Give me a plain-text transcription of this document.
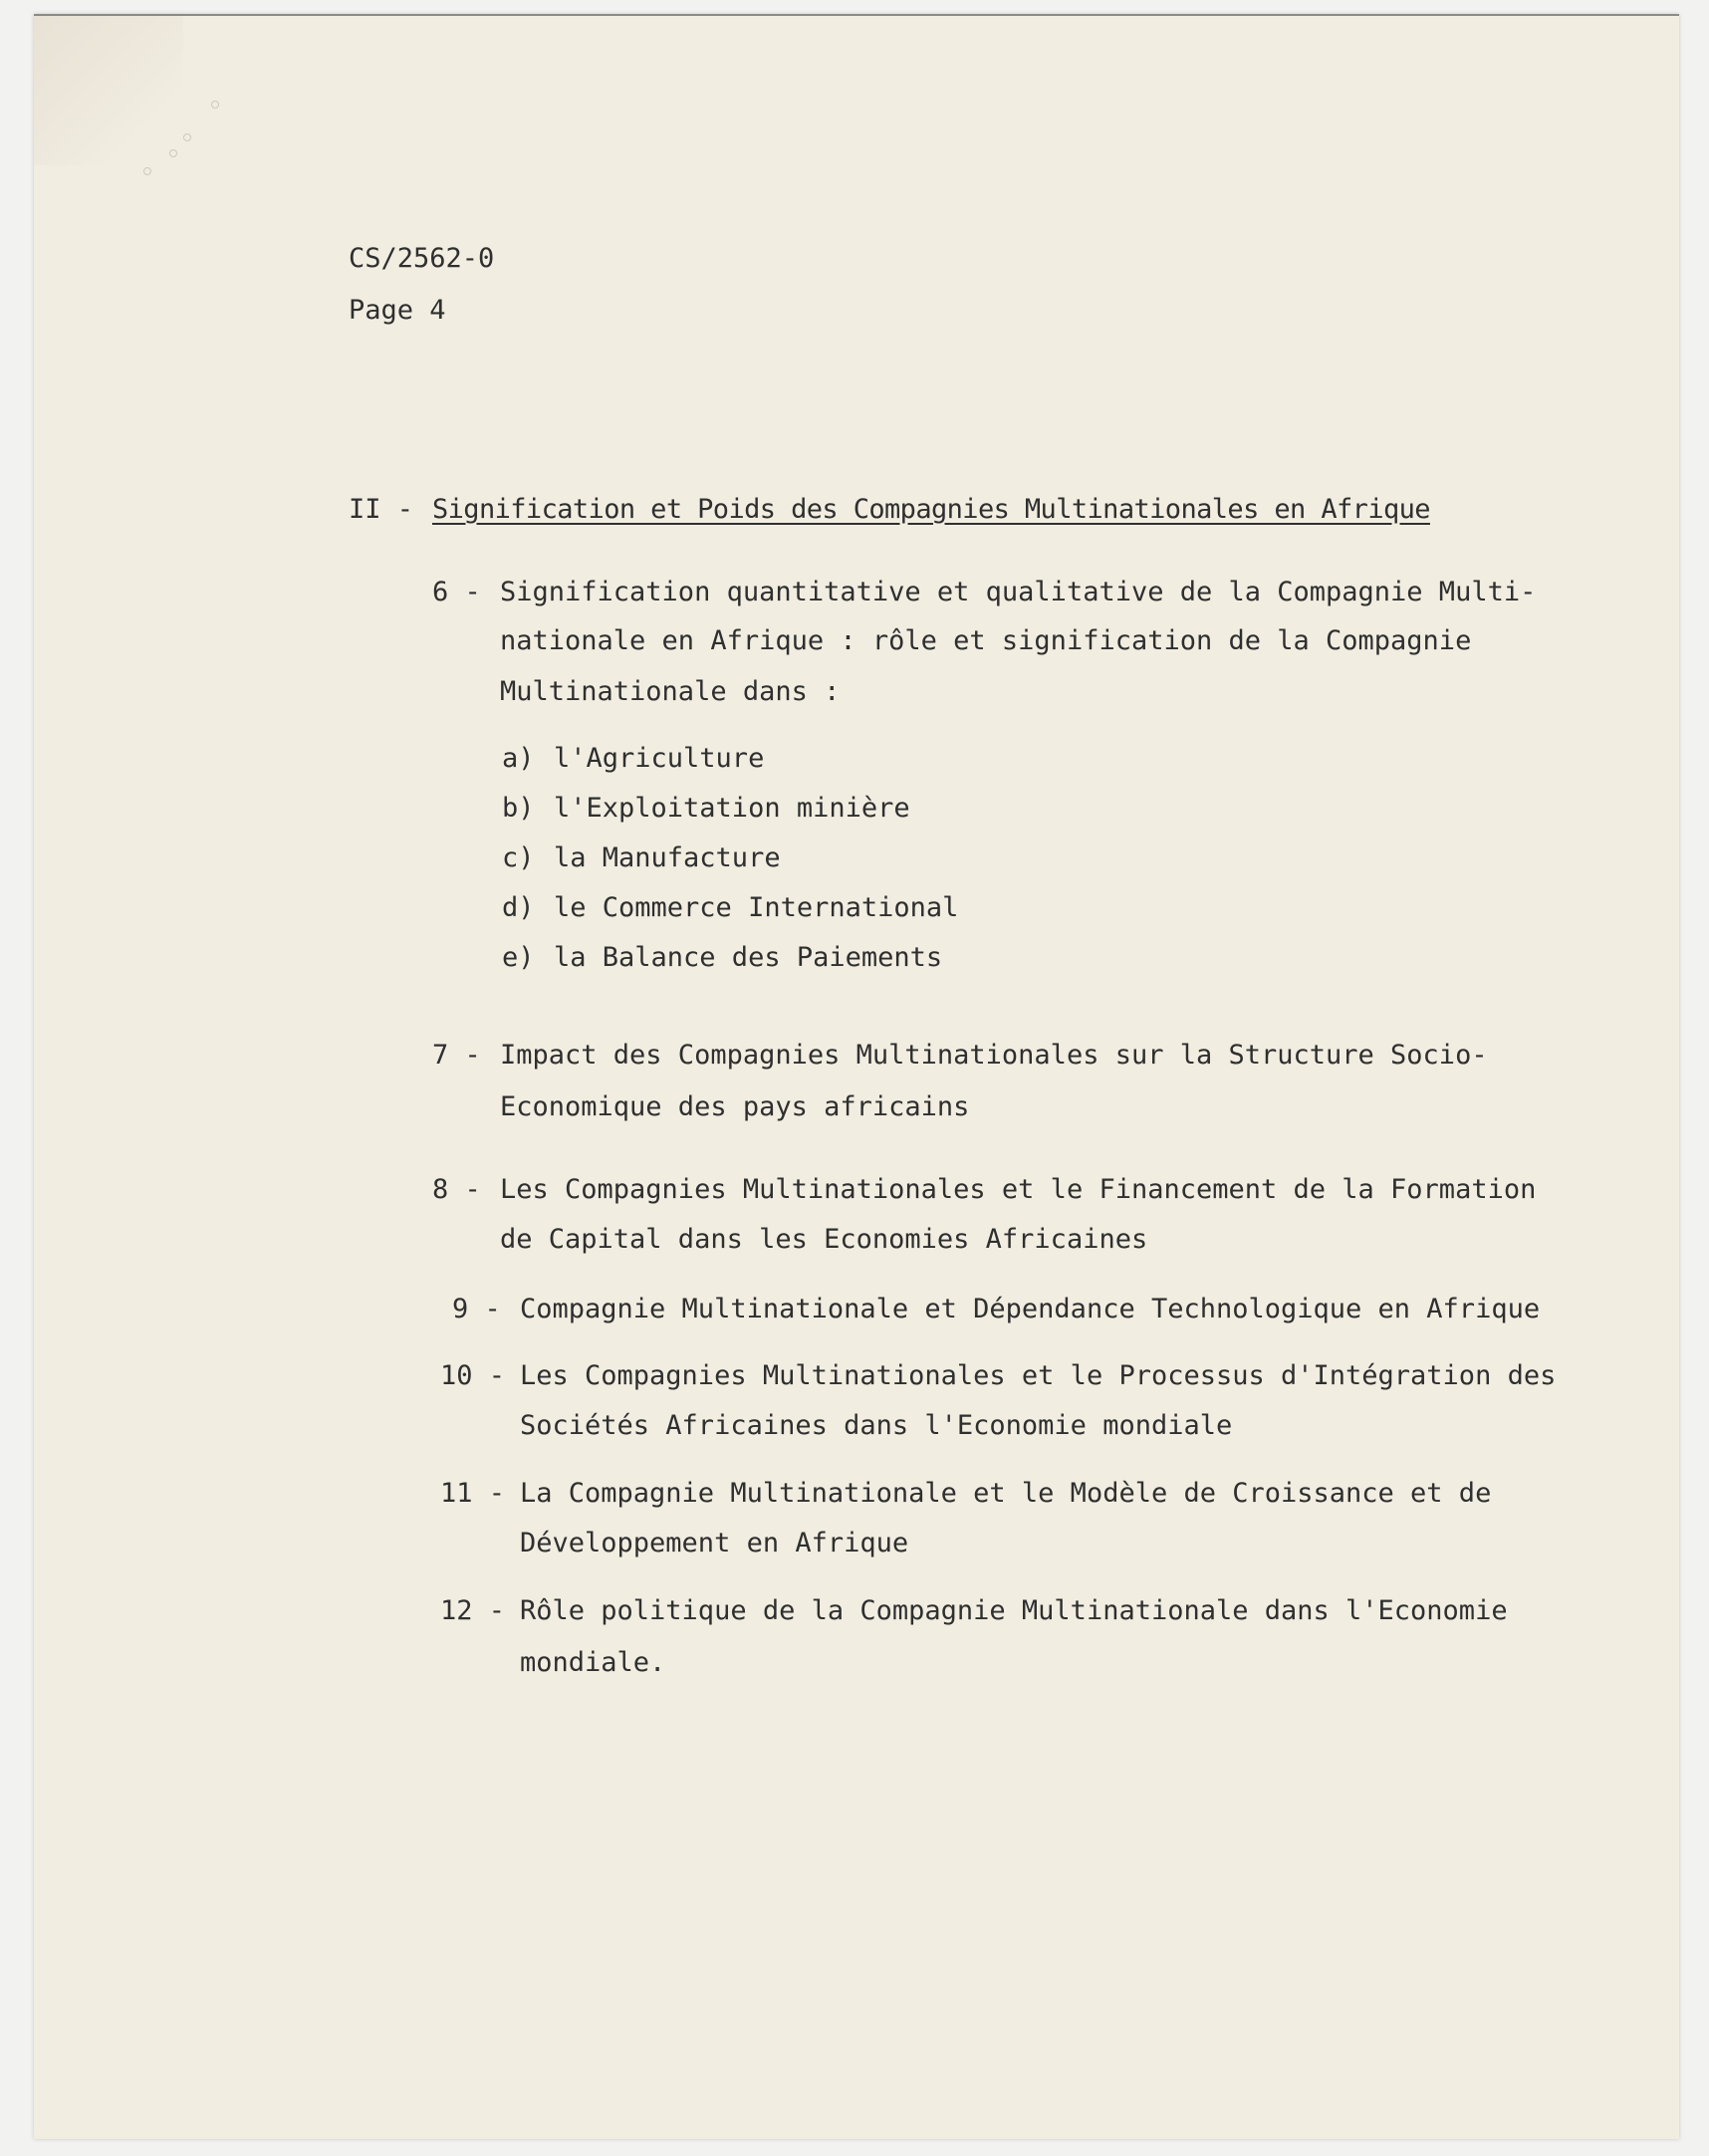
CS/2562-0
Page 4
II - Signification et Poids des Compagnies Multinationales en Afrique
6 - Signification quantitative et qualitative de la Compagnie Multi-
nationale en Afrique : rôle et signification de la Compagnie
Multinationale dans :
a) l'Agriculture
b) l'Exploitation minière
c) la Manufacture
d) le Commerce International
e) la Balance des Paiements
7 - Impact des Compagnies Multinationales sur la Structure Socio-
Economique des pays africains
8 - Les Compagnies Multinationales et le Financement de la Formation
de Capital dans les Economies Africaines
9 - Compagnie Multinationale et Dépendance Technologique en Afrique
10 - Les Compagnies Multinationales et le Processus d'Intégration des
Sociétés Africaines dans l'Economie mondiale
11 - La Compagnie Multinationale et le Modèle de Croissance et de
Développement en Afrique
12 - Rôle politique de la Compagnie Multinationale dans l'Economie
mondiale.
